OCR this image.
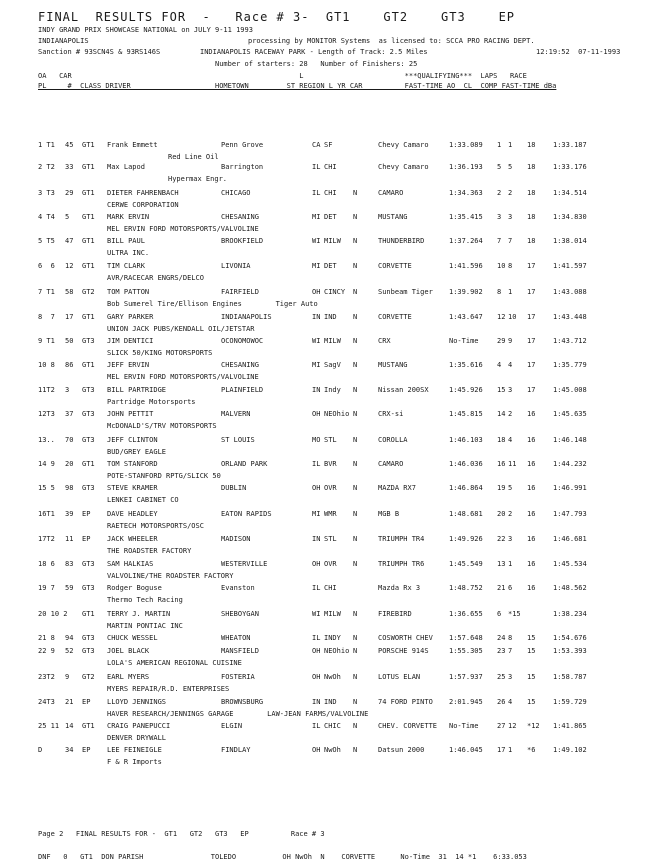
FINAL  RESULTS FOR  -   Race # 3-  GT1    GT2    GT3    EP
INDY GRAND PRIX SHOWCASE NATIONAL on JULY 9-11 1993
INDIANAPOLIS	processing by MONITOR Systems  as licensed to: SCCA PRO RACING DEPT.
Sanction # 93SCN4S & 93RS146S	INDIANAPOLIS RACEWAY PARK - Length of Track: 2.5 Miles	12:19:52  07-11-1993
Number of starters: 28   Number of Finishers: 25
OA   CAR                                                      L                        ***QUALIFYING***  LAPS   RACE
PL     #  CLASS DRIVER                    HOMETOWN         ST REGION L YR CAR          FAST-TIME AO  CL  COMP FAST-TIME dBa
1 T1 45 GT1 Frank Emmett	Penn Grove	CA SF	Chevy Camaro	1:33.089 1 1 18	1:33.187
Red Line Oil
2 T2 33 GT1 Max Lapod	Barrington	IL CHI	Chevy Camaro	1:36.193 5 5 18	1:33.176
Hypermax Engr.
3 T3 29 GT1 DIETER FAHRENBACH	CHICAGO	IL CHI N	CAMARO	1:34.363 2 2 18	1:34.514
CERWE CORPORATION
4 T4 5 GT1 MARK ERVIN	CHESANING	MI DET N	MUSTANG	1:35.415 3 3 18	1:34.830
MEL ERVIN FORD MOTORSPORTS/VALVOLINE
5 T5 47 GT1 BILL PAUL	BROOKFIELD	WI MILW N	THUNDERBIRD	1:37.264 7 7 18	1:38.014
ULTRA INC.
6  6 12 GT1 TIM CLARK	LIVONIA	MI DET N	CORVETTE	1:41.596 10 8 17	1:41.597
AVR/RACECAR ENGRS/DELCO
7 T1 58 GT2 TOM PATTON	FAIRFIELD	OH CINCY N	Sunbeam Tiger 1:39.902 8 1 17	1:43.088
Bob Sumerel Tire/Ellison Engines        Tiger Auto
8  7 17 GT1 GARY PARKER	INDIANAPOLIS	IN IND N	CORVETTE	1:43.647 12 10 17	1:43.448
UNION JACK PUBS/KENDALL OIL/JETSTAR
9 T1 50 GT3 JIM DENTICI	OCONOMOWOC	WI MILW N	CRX	No-Time	29 9 17	1:43.712
SLICK 50/KING MOTORSPORTS
10 8 86 GT1 JEFF ERVIN	CHESANING	MI SagV N	MUSTANG	1:35.616 4 4 17	1:35.779
MEL ERVIN FORD MOTORSPORTS/VALVOLINE
11T2 3 GT3 BILL PARTRIDGE	PLAINFIELD	IN Indy N	Nissan 200SX	1:45.926 15 3 17	1:45.008
Partridge Motorsports
12T3 37 GT3 JOHN PETTIT	MALVERN	OH NEOhio N	CRX-si	1:45.815 14 2 16	1:45.635
McDONALD'S/TRV MOTORSPORTS
13.. 70 GT3 JEFF CLINTON	ST LOUIS	MO STL N	COROLLA	1:46.103 18 4 16	1:46.148
BUD/GREY EAGLE
14 9 20 GT1 TOM STANFORD	ORLAND PARK	IL BVR N	CAMARO	1:46.036 16 11 16	1:44.232
POTE-STANFORD RPTG/SLICK 50
15 5 98 GT3 STEVE KRAMER	DUBLIN	OH OVR N	MAZDA RX7	1:46.864 19 5 16	1:46.991
LENKEI CABINET CO
16T1 39 EP DAVE HEADLEY	EATON RAPIDS	MI WMR N	MGB B	1:48.681 20 2 16	1:47.793
RAETECH MOTORSPORTS/OSC
17T2 11 EP JACK WHEELER	MADISON	IN STL N	TRIUMPH TR4	1:49.926 22 3 16	1:46.681
THE ROADSTER FACTORY
18 6 83 GT3 SAM HALKIAS	WESTERVILLE	OH OVR N	TRIUMPH TR6	1:45.549 13 1 16	1:45.534
VALVOLINE/THE ROADSTER FACTORY
19 7 59 GT3 Rodger Boguse	Evanston	IL CHI	Mazda Rx 3	1:48.752 21 6 16	1:48.562
Thermo Tech Racing
20 10 2 GT1 TERRY J. MARTIN	SHEBOYGAN	WI MILW N	FIREBIRD	1:36.655 6 *15	1:38.234
MARTIN PONTIAC INC
21 8 94 GT3 CHUCK WESSEL	WHEATON	IL INDY N	COSWORTH CHEV 1:57.648 24 8 15	1:54.676
22 9 52 GT3 JOEL BLACK	MANSFIELD	OH NEOhio N	PORSCHE 914S	1:55.305 23 7 15	1:53.393
LOLA'S AMERICAN REGIONAL CUISINE
23T2 9 GT2 EARL MYERS	FOSTERIA	OH NwOh N	LOTUS ELAN	1:57.937 25 3 15	1:58.787
MYERS REPAIR/R.D. ENTERPRISES
24T3 21 EP LLOYD JENNINGS	BROWNSBURG	IN IND N	74 FORD PINTO 2:01.945 26 4 15	1:59.729
HAVER RESEARCH/JENNINGS GARAGE        LAW-JEAN FARMS/VALVOLINE
25 11 14 GT1 CRAIG PANEPUCCI	ELGIN	IL CHIC N	CHEV. CORVETTE No-Time	27 12 *12 1:41.865
DENVER DRYWALL
D	34 EP LEE FEINEIGLE	FINDLAY	OH NwOh N	Datsun 2000	1:46.045 17 1 *6	1:49.102
F & R Imports
Page 2   FINAL RESULTS FOR -  GT1   GT2   GT3   EP          Race # 3
DNF   0   GT1  DON PARISH                TOLEDO           OH NwOh  N    CORVETTE      No-Time  31  14 *1    6:33.053
